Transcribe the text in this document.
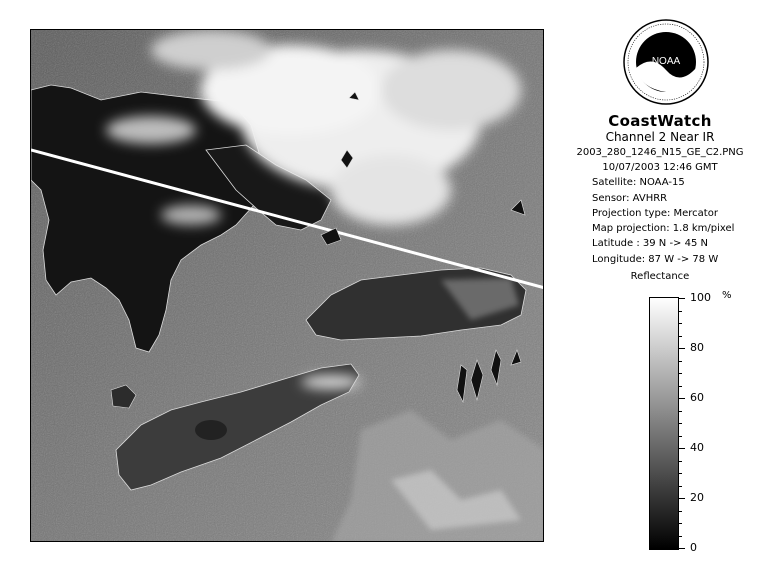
NOAA
CoastWatch
Channel 2 Near IR
2003_280_1246_N15_GE_C2.PNG
10/07/2003 12:46 GMT
Satellite: NOAA-15
Sensor: AVHRR
Projection type: Mercator
Map projection: 1.8 km/pixel
Latitude : 39 N -> 45 N
Longitude: 87 W -> 78 W
Reflectance
%
0
20
40
60
80
100
